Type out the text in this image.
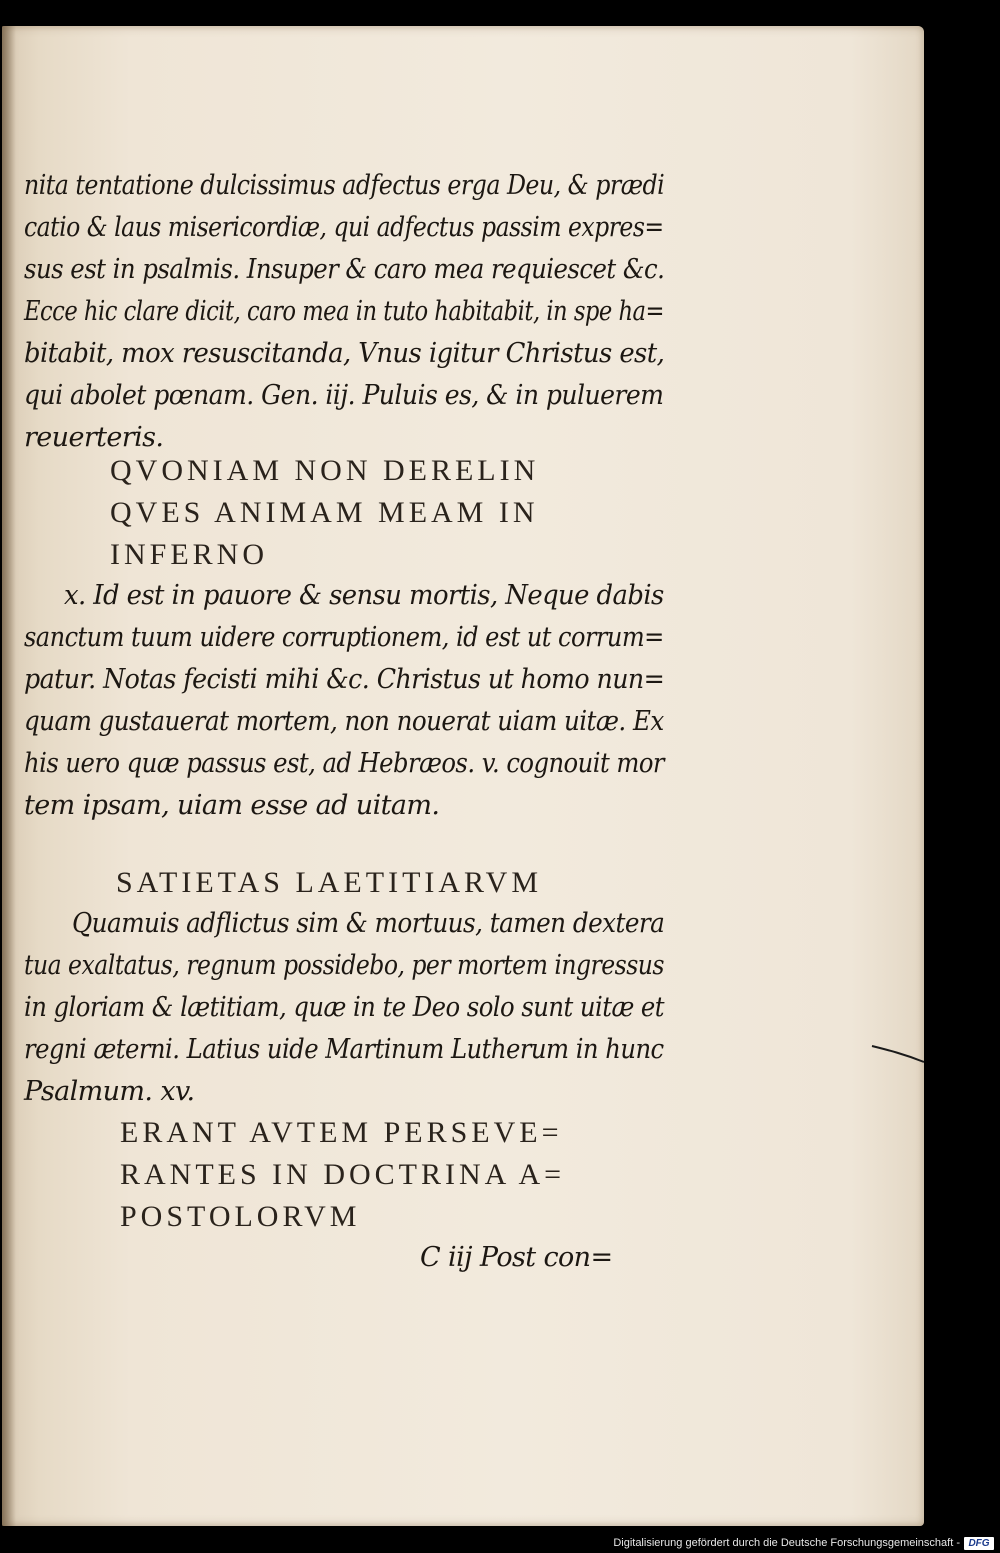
nita tentatione dulcissimus adfectus erga Deu, & prædi

catio & laus misericordiæ, qui adfectus passim expres=

sus est in psalmis. Insuper & caro mea requiescet &c.

Ecce hic clare dicit, caro mea in tuto habitabit, in spe ha=

bitabit, mox resuscitanda, Vnus igitur Christus est,

qui abolet pœnam. Gen. iij. Puluis es, & in puluerem

reuerteris.

QVONIAM NON DERELIN

QVES ANIMAM MEAM IN

INFERNO

x. Id est in pauore & sensu mortis, Neque dabis

sanctum tuum uidere corruptionem, id est ut corrum=

patur. Notas fecisti mihi &c. Christus ut homo nun=

quam gustauerat mortem, non nouerat uiam uitæ. Ex

his uero quæ passus est, ad Hebræos. v. cognouit mor

tem ipsam, uiam esse ad uitam.

SATIETAS LAETITIARVM

Quamuis adflictus sim & mortuus, tamen dextera

tua exaltatus, regnum possidebo, per mortem ingressus

in gloriam & lætitiam, quæ in te Deo solo sunt uitæ et

regni æterni. Latius uide Martinum Lutherum in hunc

Psalmum. xv.

ERANT AVTEM PERSEVE=

RANTES IN DOCTRINA A=

POSTOLORVM

C iij Post con=

Digitalisierung gefördert durch die Deutsche Forschungsgemeinschaft - DFG
